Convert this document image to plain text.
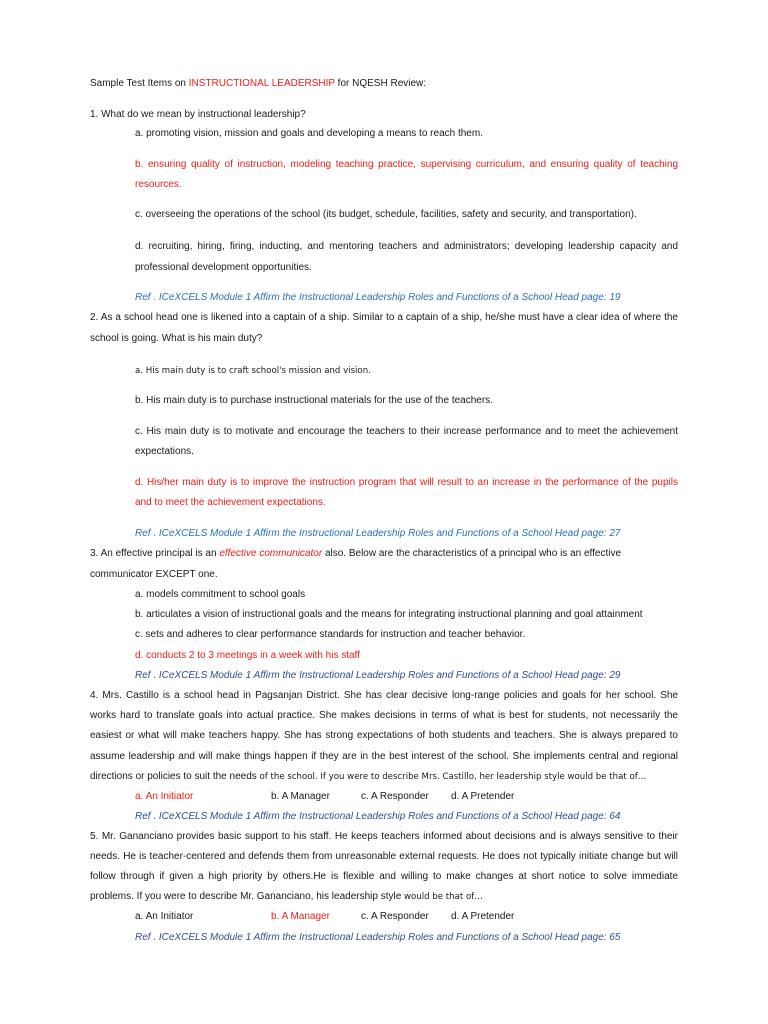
Sample Test Items on INSTRUCTIONAL LEADERSHIP for NQESH Review:
1. What do we mean by instructional leadership?
a. promoting vision, mission and goals and developing a means to reach them.
b. ensuring quality of instruction, modeling teaching practice, supervising curriculum, and ensuring quality of teaching
resources.
c. overseeing the operations of the school (its budget, schedule, facilities, safety and security, and transportation).
d. recruiting, hiring, firing, inducting, and mentoring teachers and administrators; developing leadership capacity and
professional development opportunities.
Ref . ICeXCELS Module 1 Affirm the Instructional Leadership Roles and Functions of a School Head page: 19
2. As a school head one is likened into a captain of a ship. Similar to a captain of a ship, he/she must have a clear idea of where the
school is going. What is his main duty?
a. His main duty is to craft school's mission and vision.
b. His main duty is to purchase instructional materials for the use of the teachers.
c. His main duty is to motivate and encourage the teachers to their increase performance and to meet the achievement
expectations.
d. His/her main duty is to improve the instruction program that will result to an increase in the performance of the pupils
and to meet the achievement expectations.
Ref . ICeXCELS Module 1 Affirm the Instructional Leadership Roles and Functions of a School Head page: 27
3. An effective principal is an effective communicator also. Below are the characteristics of a principal who is an effective
communicator EXCEPT one.
a. models commitment to school goals
b. articulates a vision of instructional goals and the means for integrating instructional planning and goal attainment
c. sets and adheres to clear performance standards for instruction and teacher behavior.
d. conducts 2 to 3 meetings in a week with his staff
Ref . ICeXCELS Module 1 Affirm the Instructional Leadership Roles and Functions of a School Head page: 29
4. Mrs. Castillo is a school head in Pagsanjan District. She has clear decisive long-range policies and goals for her school. She
works hard to translate goals into actual practice. She makes decisions in terms of what is best for students, not necessarily the
easiest or what will make teachers happy. She has strong expectations of both students and teachers. She is always prepared to
assume leadership and will make things happen if they are in the best interest of the school. She implements central and regional
directions or policies to suit the needs of the school. If you were to describe Mrs. Castillo, her leadership style would be that of…
a. An Initiator	b. A Manager	c. A Responder d. A Pretender
Ref . ICeXCELS Module 1 Affirm the Instructional Leadership Roles and Functions of a School Head page: 64
5. Mr. Gananciano provides basic support to his staff. He keeps teachers informed about decisions and is always sensitive to their
needs. He is teacher-centered and defends them from unreasonable external requests. He does not typically initiate change but will
follow through if given a high priority by others.He is flexible and willing to make changes at short notice to solve immediate
problems. If you were to describe Mr. Gananciano, his leadership style would be that of…
a. An Initiator	b. A Manager	c. A Responder d. A Pretender
Ref . ICeXCELS Module 1 Affirm the Instructional Leadership Roles and Functions of a School Head page: 65
